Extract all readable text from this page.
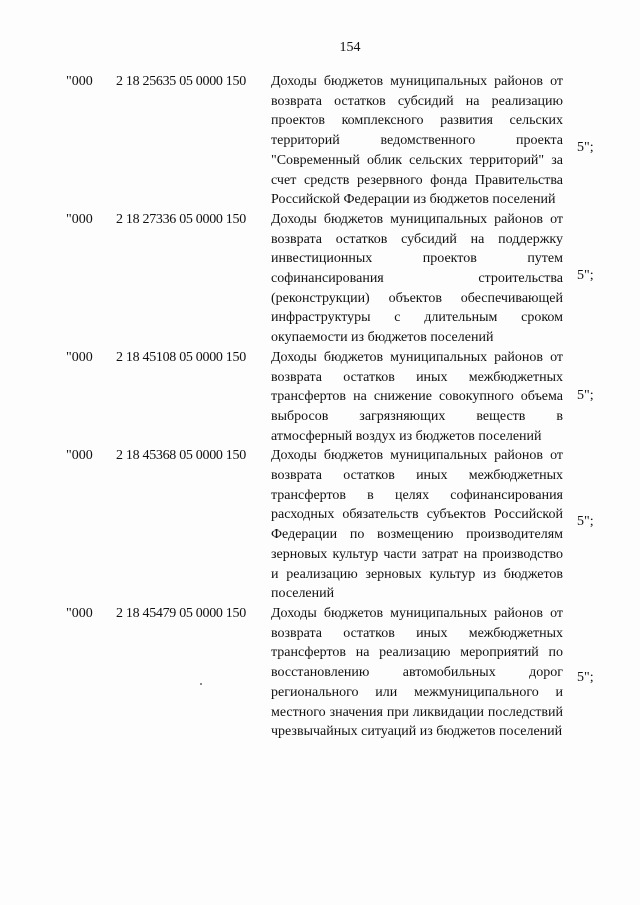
154
"000 2 18 25635 05 0000 150 Доходы бюджетов муниципальных районов от возврата остатков субсидий на реализацию проектов комплексного развития сельских территорий ведомственного проекта "Современный облик сельских территорий" за счет средств резервного фонда Правительства Российской Федерации из бюджетов поселений
5";
"000 2 18 27336 05 0000 150 Доходы бюджетов муниципальных районов от возврата остатков субсидий на поддержку инвестиционных проектов путем софинансирования строительства (реконструкции) объектов обеспечивающей инфраструктуры с длительным сроком окупаемости из бюджетов поселений
5";
"000 2 18 45108 05 0000 150 Доходы бюджетов муниципальных районов от возврата остатков иных межбюджетных трансфертов на снижение совокупного объема выбросов загрязняющих веществ в атмосферный воздух из бюджетов поселений
5";
"000 2 18 45368 05 0000 150 Доходы бюджетов муниципальных районов от возврата остатков иных межбюджетных трансфертов в целях софинансирования расходных обязательств субъектов Российской Федерации по возмещению производителям зерновых культур части затрат на производство и реализацию зерновых культур из бюджетов поселений
5";
"000 2 18 45479 05 0000 150 Доходы бюджетов муниципальных районов от возврата остатков иных межбюджетных трансфертов на реализацию мероприятий по восстановлению автомобильных дорог регионального или межмуниципального и местного значения при ликвидации последствий чрезвычайных ситуаций из бюджетов поселений
5";
